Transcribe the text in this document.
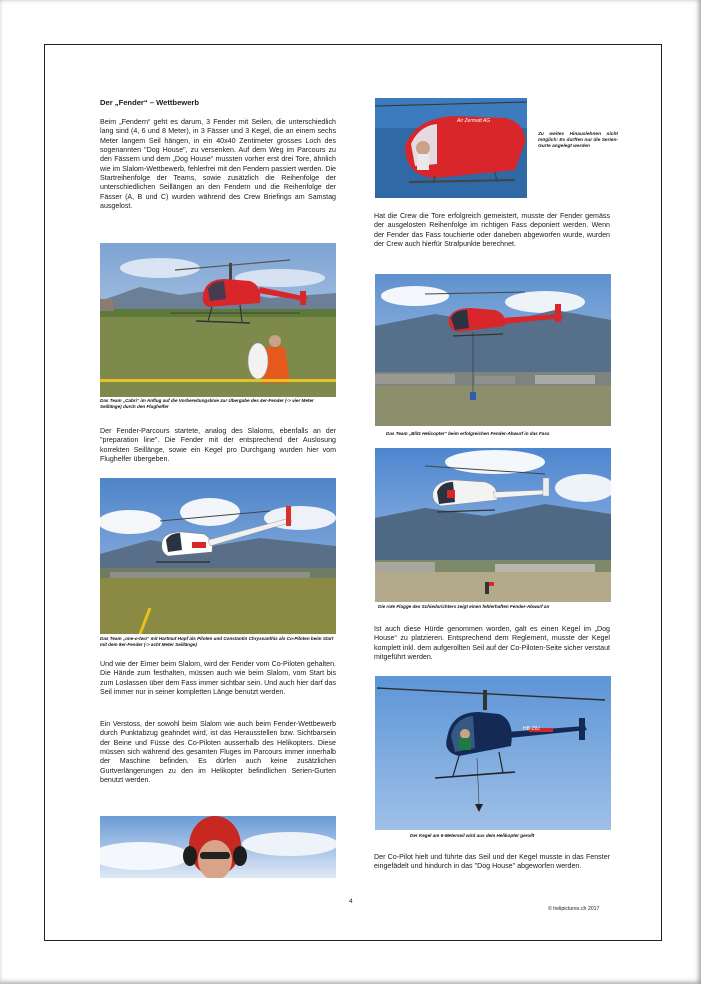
Der „Fender“ – Wettbewerb

Beim „Fendern“ geht es darum, 3 Fender mit Seilen, die unterschiedlich lang sind (4, 6 und 8 Meter), in 3 Fässer und 3 Kegel, die an einem sechs Meter langem Seil hängen, in ein 40x40 Zentimeter grosses Loch des sogenannten "Dog House", zu versenken. Auf dem Weg im Parcours zu den Fässern und dem „Dog House“ mussten vorher erst drei Tore, ähnlich wie im Slalom-Wettbewerb, fehlerfrei mit den Fendern passiert werden. Die Startreihenfolge der Teams, sowie zusätzlich die Reihenfolge der unterschiedlichen Seillängen an den Fendern und die Reihenfolge der Fässer (A, B und C) wurden während des Crew Briefings am Samstag ausgelost.

Das Team „Cabri“ im Anflug auf die Vorbereitungslinie zur Übergabe des 4er-Fender (-> vier Meter Seillänge) durch den Flughelfer

Der Fender-Parcours startete, analog des Slaloms, ebenfalls an der "preparation line". Die Fender mit der entsprechend der Auslosung korrekten Seillänge, sowie ein Kegel pro Durchgang wurden hier vom Flughelfer übergeben.

Das Team „one-o-two“ mit Hartmut Hopf als Piloten und Constantin Chryssanthis als Co-Piloten beim Start mit dem 8er-Fender (-> acht Meter Seillänge)

Und wie der Eimer beim Slalom, wird der Fender vom Co-Piloten gehalten. Die Hände zum festhalten, müssen auch wie beim Slalom, vom Start bis zum Loslassen über dem Fass immer sichtbar sein. Und auch hier darf das Seil immer nur in seiner kompletten Länge benutzt werden.

Ein Verstoss, der sowohl beim Slalom wie auch beim Fender-Wettbewerb durch Punktabzug geahndet wird, ist das Herausstellen bzw. Sichtbarsein der Beine und Füsse des Co-Piloten ausserhalb des Helikopters. Diese müssen sich während des gesamten Fluges im Parcours immer innerhalb der Maschine befinden. Es dürfen auch keine zusätzlichen Gurtverlängerungen zu den im Helikopter befindlichen Serien-Gurten benutzt werden.

Air Zermatt AG

Zu weites Hinauslehnen nicht möglich: Es durften nur die Serien-Gurte angelegt werden

Hat die Crew die Tore erfolgreich gemeistert, musste der Fender gemäss der ausgelosten Reihenfolge im richtigen Fass deponiert werden. Wenn der Fender das Fass touchierte oder daneben abgeworfen wurde, wurden der Crew auch hierfür Strafpunkte berechnet.

Das Team „Blitz Helicopter“ beim erfolgreichen Fender-Abwurf in das Fass

Die rote Flagge des Schiedsrichters zeigt einen fehlerhaften Fender-Abwurf an

Ist auch diese Hürde genommen worden, galt es einen Kegel im „Dog House“ zu platzieren. Entsprechend dem Reglement, musste der Kegel komplett inkl. dem aufgerollten Seil auf der Co-Piloten-Seite sicher verstaut mitgeführt werden.

HB-ZIU

Der Kegel am 6-Meterseil wird aus dem Helikopter gerollt

Der Co-Pilot hielt und führte das Seil und der Kegel musste in das Fenster eingefädelt und hindurch in das "Dog House" abgeworfen werden.

4

© helipictures.ch 2017
